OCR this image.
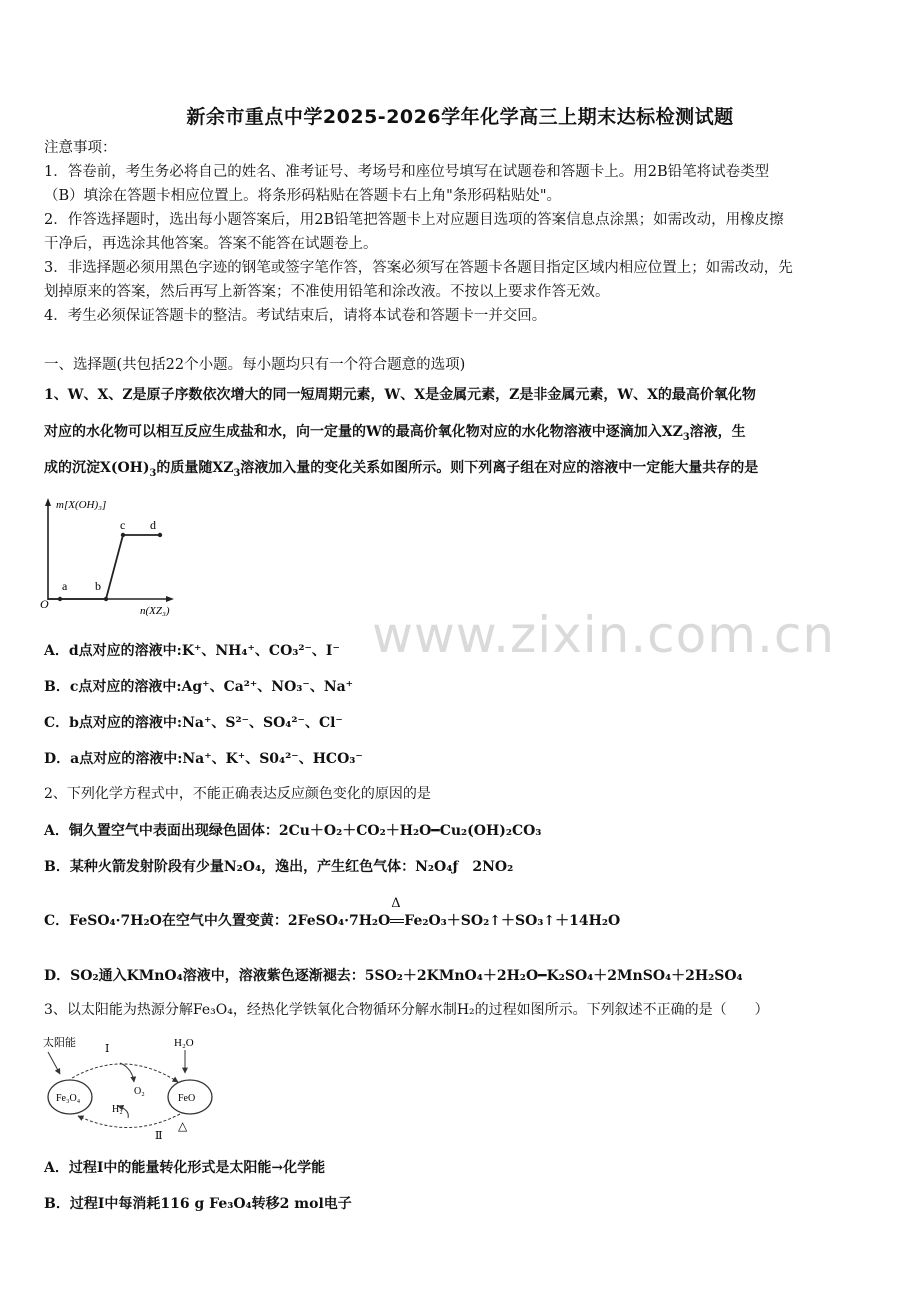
新余市重点中学2025-2026学年化学高三上期末达标检测试题
注意事项：
1．答卷前，考生务必将自己的姓名、准考证号、考场号和座位号填写在试题卷和答题卡上。用2B铅笔将试卷类型
（B）填涂在答题卡相应位置上。将条形码粘贴在答题卡右上角"条形码粘贴处"。
2．作答选择题时，选出每小题答案后，用2B铅笔把答题卡上对应题目选项的答案信息点涂黑；如需改动，用橡皮擦
干净后，再选涂其他答案。答案不能答在试题卷上。
3．非选择题必须用黑色字迹的钢笔或签字笔作答，答案必须写在答题卡各题目指定区域内相应位置上；如需改动，先
划掉原来的答案，然后再写上新答案；不准使用铅笔和涂改液。不按以上要求作答无效。
4．考生必须保证答题卡的整洁。考试结束后，请将本试卷和答题卡一并交回。
一、选择题(共包括22个小题。每小题均只有一个符合题意的选项)
1、W、X、Z是原子序数依次增大的同一短周期元素，W、X是金属元素，Z是非金属元素，W、X的最高价氧化物
对应的水化物可以相互反应生成盐和水，向一定量的W的最高价氧化物对应的水化物溶液中逐滴加入$XZ_3$溶液，生
成的沉淀$X(OH)_3$的质量随$XZ_3$溶液加入量的变化关系如图所示。则下列离子组在对应的溶液中一定能大量共存的是
m[X(OH)₃]
n(XZ₃)
O
a b
c d
A．d点对应的溶液中:K⁺、NH₄⁺、CO₃²⁻、I⁻
B．c点对应的溶液中:Ag⁺、Ca²⁺、NO₃⁻、Na⁺
C．b点对应的溶液中:Na⁺、S²⁻、SO₄²⁻、Cl⁻
D．a点对应的溶液中:Na⁺、K⁺、S0₄²⁻、HCO₃⁻
2、下列化学方程式中，不能正确表达反应颜色变化的原因的是
A．铜久置空气中表面出现绿色固体：2Cu＋O₂＋CO₂＋H₂O━Cu₂(OH)₂CO₃
B．某种火箭发射阶段有少量N₂O₄，逸出，产生红色气体：N₂O₄ƒ　2NO₂
C．FeSO₄·7H₂O在空气中久置变黄：2FeSO₄·7H₂O
Δ
Fe₂O₃＋SO₂↑＋SO₃↑＋14H₂O
D．SO₂通入KMnO₄溶液中，溶液紫色逐渐褪去：5SO₂＋2KMnO₄＋2H₂O━K₂SO₄＋2MnSO₄＋2H₂SO₄
3、以太阳能为热源分解Fe₃O₄，经热化学铁氧化合物循环分解水制H₂的过程如图所示。下列叙述不正确的是（　　）
太阳能	Ⅰ	H₂O
O₂
Fe₃O₄	FeO
H₂
Ⅱ
△
A．过程Ⅰ中的能量转化形式是太阳能→化学能
B．过程Ⅰ中每消耗116 g Fe₃O₄转移2 mol电子
www.zixin.com.cn
